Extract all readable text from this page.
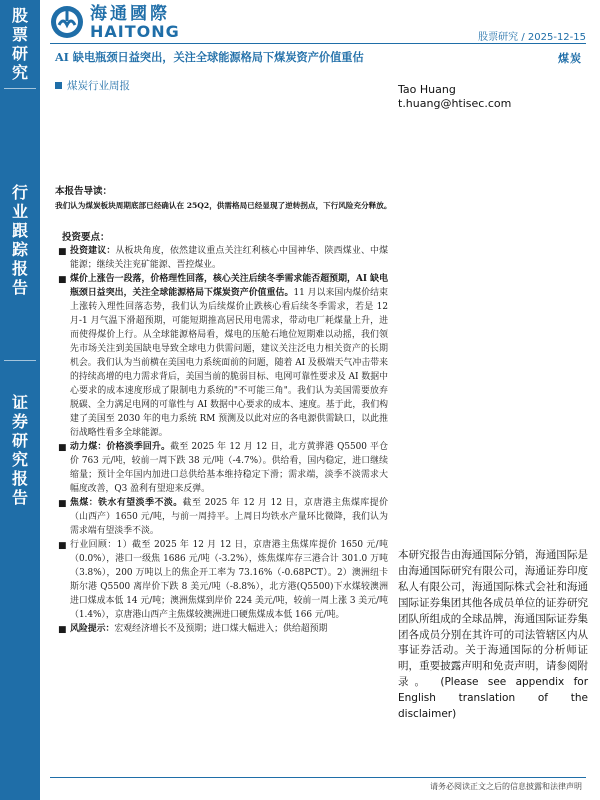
股
票
研
究
行
业
跟
踪
报
告
证
券
研
究
报
告
海通國際
HAITONG	股票研究 / 2025-12-15
煤炭
AI 缺电瓶颈日益突出，关注全球能源格局下煤炭资产价值重估
煤炭行业周报	Tao Huang
t.huang@htisec.com
本报告导读：
我们认为煤炭板块周期底部已经确认在 25Q2，供需格局已经显现了逆转拐点，下行风险充分释放。
投资要点：
■ 投资建议：从板块角度，依然建议重点关注红利核心中国神华、陕西煤业、中煤能源；继续关注兖矿能源、晋控煤业。
■ 煤价上涨告一段落，价格理性回落，核心关注后续冬季需求能否超预期，AI 缺电瓶颈日益突出，关注全球能源格局下煤炭资产价值重估。11 月以来国内煤价结束上涨转入理性回落态势，我们认为后续煤价止跌核心看后续冬季需求，若是 12 月-1 月气温下滑超预期，可能短期推高居民用电需求，带动电厂耗煤量上升，进而使得煤价上行。从全球能源格局看，煤电的压舱石地位短期难以动摇，我们领先市场关注到美国缺电导致全球电力供需问题，建议关注泛电力相关资产的长期机会。我们认为当前横在美国电力系统面前的问题，随着 AI 及极端天气冲击带来的持续高增的电力需求背后，美国当前的脆弱目标、电网可靠性要求及 AI 数据中心要求的成本速度形成了限制电力系统的"不可能三角"。我们认为美国需要放弃脱碳、全力满足电网的可靠性与 AI 数据中心要求的成本、速度。基于此，我们构建了美国至 2030 年的电力系统 RM 预测及以此对应的各电源供需缺口，以此推衍战略性看多全球能源。
■ 动力煤：价格淡季回升。截至 2025 年 12 月 12 日，北方黄骅港 Q5500 平仓价 763 元/吨，较前一周下跌 38 元/吨（-4.7%）。供给看，国内稳定，进口继续缩量；预计全年国内加进口总供给基本维持稳定下滑；需求端，淡季不淡需求大幅度改善，Q3 盈利有望迎来反弹。
■ 焦煤：铁水有望淡季不淡。截至 2025 年 12 月 12 日，京唐港主焦煤库提价（山西产）1650 元/吨，与前一周持平。上周日均铁水产量环比微降，我们认为需求端有望淡季不淡。
■ 行业回顾：1）截至 2025 年 12 月 12 日，京唐港主焦煤库提价 1650 元/吨（0.0%），港口一级焦 1686 元/吨（-3.2%），炼焦煤库存三港合计 301.0 万吨（3.8%），200 万吨以上的焦企开工率为 73.16%（-0.68PCT）。2）澳洲纽卡斯尔港 Q5500 离岸价下跌 8 美元/吨（-8.8%），北方港(Q5500)下水煤较澳洲进口煤成本低 14 元/吨；澳洲焦煤到岸价 224 美元/吨，较前一周上涨 3 美元/吨（1.4%），京唐港山西产主焦煤较澳洲进口硬焦煤成本低 166 元/吨。
■ 风险提示：宏观经济增长不及预期；进口煤大幅进入；供给超预期
本研究报告由海通国际分销，海通国际是由海通国际研究有限公司，海通证券印度私人有限公司，海通国际株式会社和海通国际证券集团其他各成员单位的证券研究团队所组成的全球品牌，海通国际证券集团各成员分别在其许可的司法管辖区内从事证券活动。关于海通国际的分析师证明，重要披露声明和免责声明，请参阅附录。 (Please see appendix for English translation of the disclaimer)
请务必阅读正文之后的信息披露和法律声明
